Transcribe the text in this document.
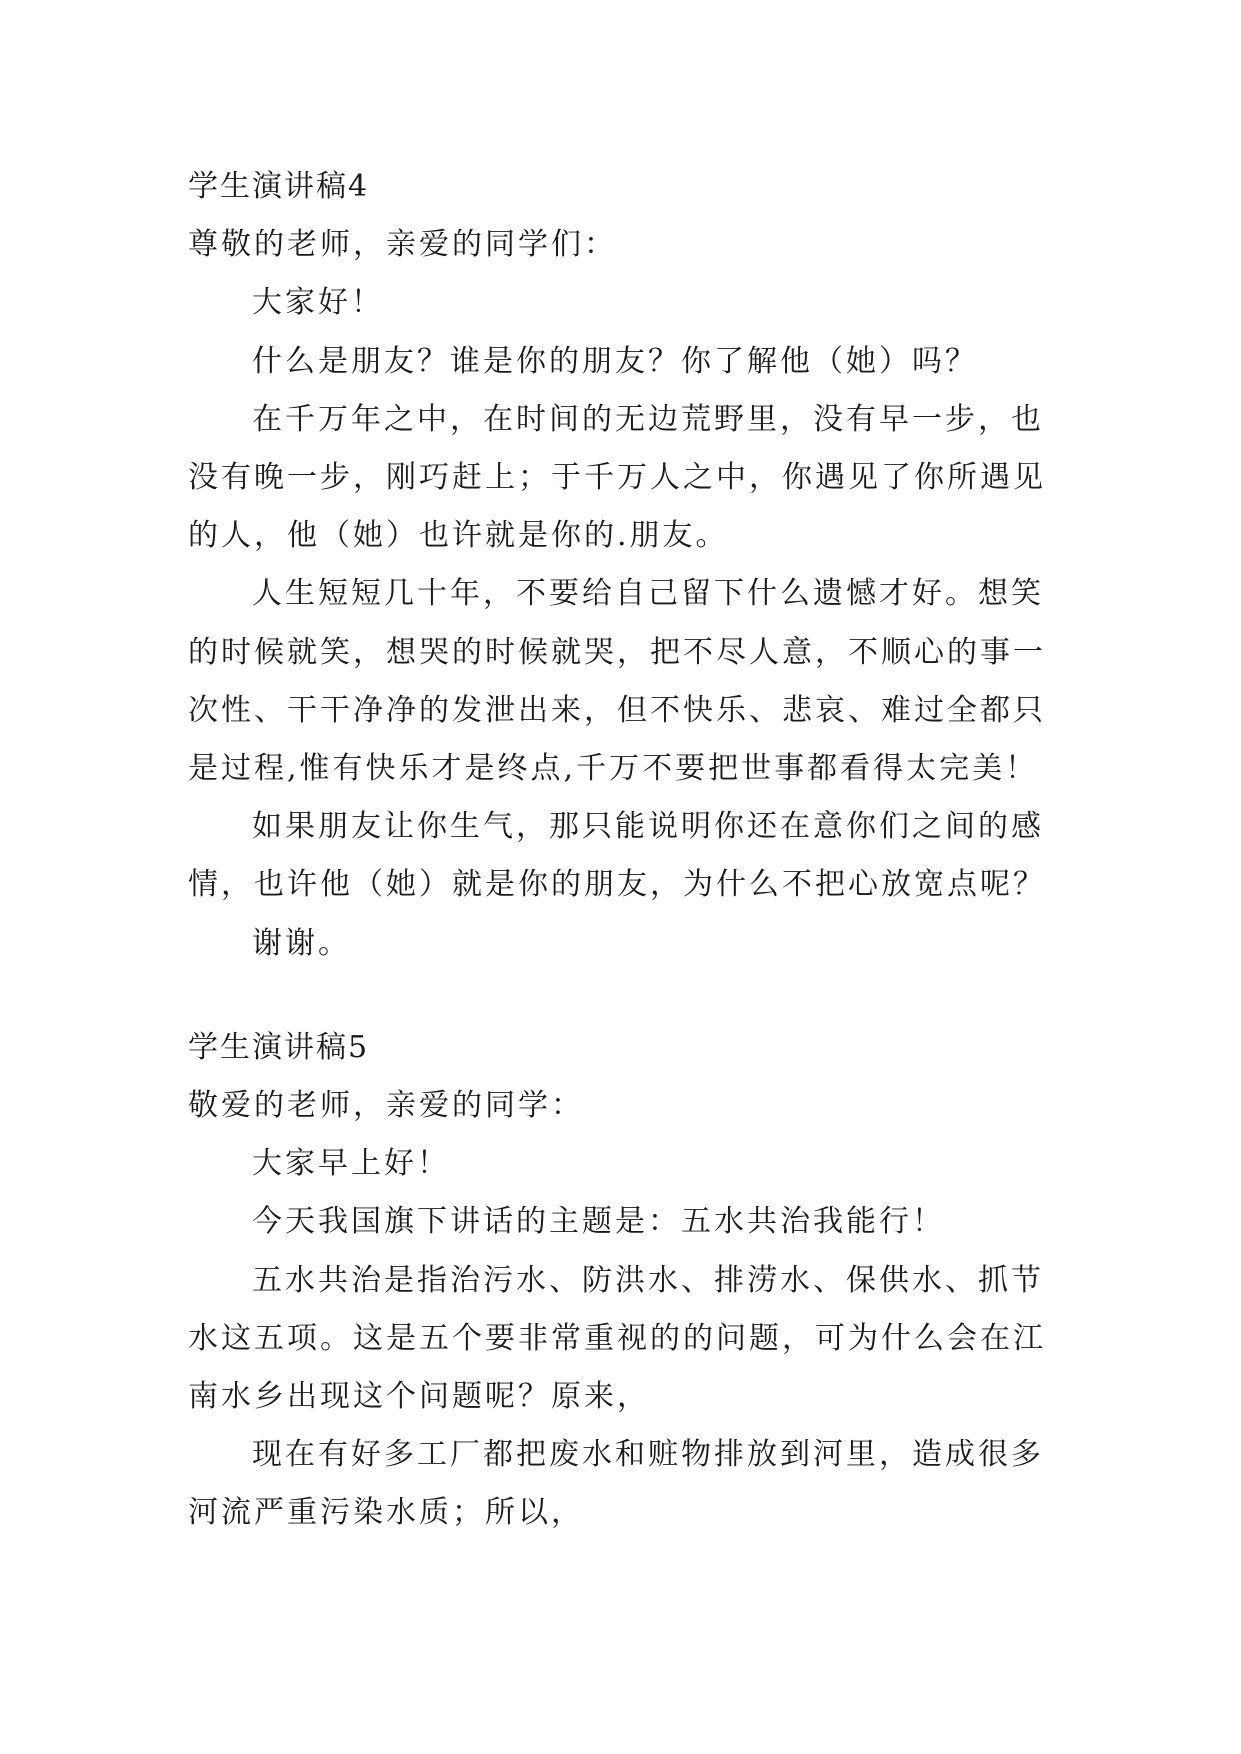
学生演讲稿4
尊敬的老师，亲爱的同学们：
大家好！
什么是朋友？谁是你的朋友？你了解他（她）吗？
在千万年之中，在时间的无边荒野里，没有早一步，也
没有晚一步，刚巧赶上；于千万人之中，你遇见了你所遇见
的人，他（她）也许就是你的.朋友。
人生短短几十年，不要给自己留下什么遗憾才好。想笑
的时候就笑，想哭的时候就哭，把不尽人意，不顺心的事一
次性、干干净净的发泄出来，但不快乐、悲哀、难过全都只
是过程,惟有快乐才是终点,千万不要把世事都看得太完美！
如果朋友让你生气，那只能说明你还在意你们之间的感
情，也许他（她）就是你的朋友，为什么不把心放宽点呢？
谢谢。
学生演讲稿5
敬爱的老师，亲爱的同学：
大家早上好！
今天我国旗下讲话的主题是：五水共治我能行！
五水共治是指治污水、防洪水、排涝水、保供水、抓节
水这五项。这是五个要非常重视的的问题，可为什么会在江
南水乡出现这个问题呢？原来，
现在有好多工厂都把废水和赃物排放到河里，造成很多
河流严重污染水质；所以，
